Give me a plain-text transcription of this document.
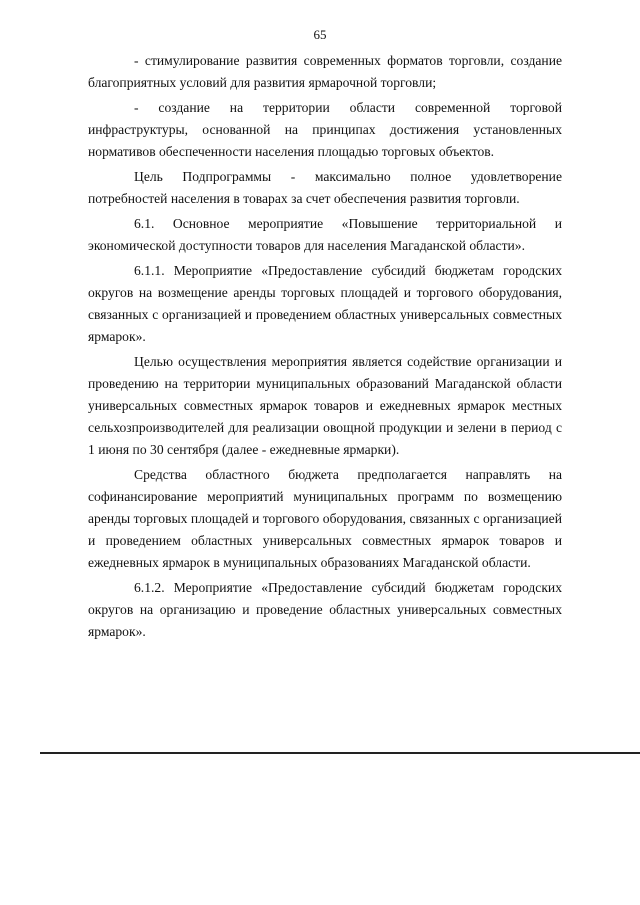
65

- стимулирование развития современных форматов торговли, создание благоприятных условий для развития ярмарочной торговли;

- создание на территории области современной торговой инфраструктуры, основанной на принципах достижения установленных нормативов обеспеченности населения площадью торговых объектов.

Цель Подпрограммы - максимально полное удовлетворение потребностей населения в товарах за счет обеспечения развития торговли.

6.1. Основное мероприятие «Повышение территориальной и экономической доступности товаров для населения Магаданской области».

6.1.1. Мероприятие «Предоставление субсидий бюджетам городских округов на возмещение аренды торговых площадей и торгового оборудования, связанных с организацией и проведением областных универсальных совместных ярмарок».

Целью осуществления мероприятия является содействие организации и проведению на территории муниципальных образований Магаданской области универсальных совместных ярмарок товаров и ежедневных ярмарок местных сельхозпроизводителей для реализации овощной продукции и зелени в период с 1 июня по 30 сентября (далее - ежедневные ярмарки).

Средства областного бюджета предполагается направлять на софинансирование мероприятий муниципальных программ по возмещению аренды торговых площадей и торгового оборудования, связанных с организацией и проведением областных универсальных совместных ярмарок товаров и ежедневных ярмарок в муниципальных образованиях Магаданской области.

6.1.2. Мероприятие «Предоставление субсидий бюджетам городских округов на организацию и проведение областных универсальных совместных ярмарок».
